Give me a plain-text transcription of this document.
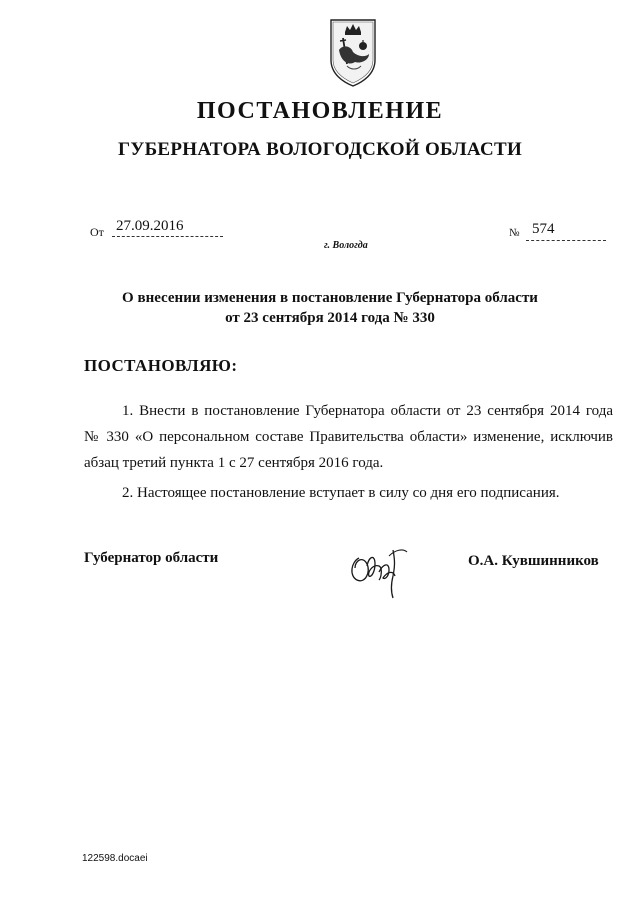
ПОСТАНОВЛЕНИЕ
ГУБЕРНАТОРА ВОЛОГОДСКОЙ ОБЛАСТИ
От 27.09.2016	№ 574
г. Вологда
О внесении изменения в постановление Губернатора области
от 23 сентября 2014 года № 330
ПОСТАНОВЛЯЮ:
1. Внести в постановление Губернатора области от 23 сентября 2014 года
№ 330 «О персональном составе Правительства области» изменение, исключив
абзац третий пункта 1 с 27 сентября 2016 года.
2. Настоящее постановление вступает в силу со дня его подписания.
Губернатор области	О.А. Кувшинников
122598.docaei
